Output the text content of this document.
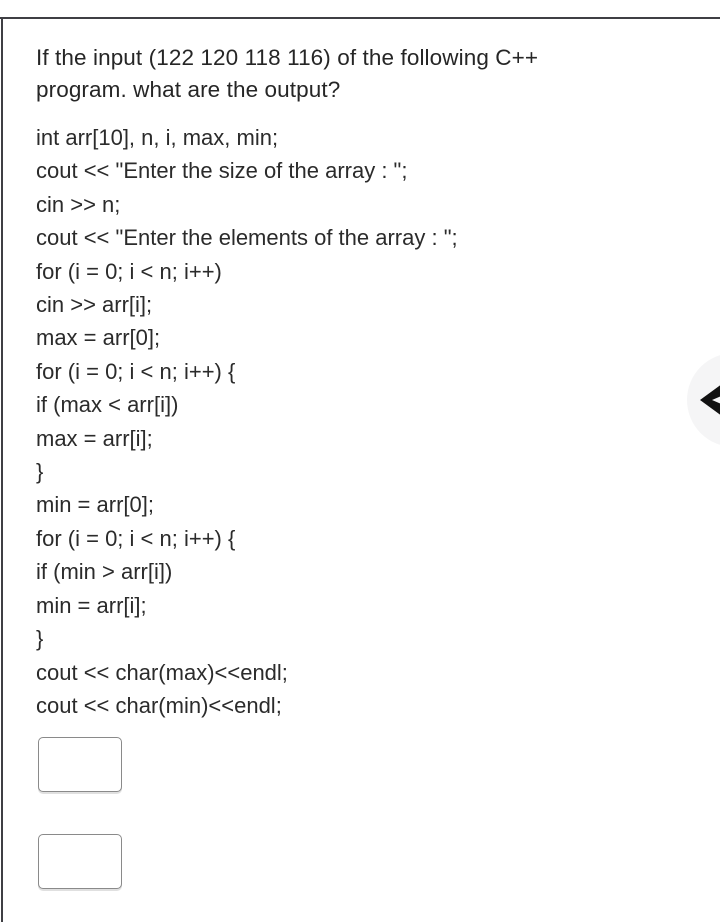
If the input (122 120 118 116) of the following C++
program. what are the output?
int arr[10], n, i, max, min;
cout << "Enter the size of the array : ";
cin >> n;
cout << "Enter the elements of the array : ";
for (i = 0; i < n; i++)
cin >> arr[i];
max = arr[0];
for (i = 0; i < n; i++) {
if (max < arr[i])
max = arr[i];
}
min = arr[0];
for (i = 0; i < n; i++) {
if (min > arr[i])
min = arr[i];
}
cout << char(max)<<endl;
cout << char(min)<<endl;
